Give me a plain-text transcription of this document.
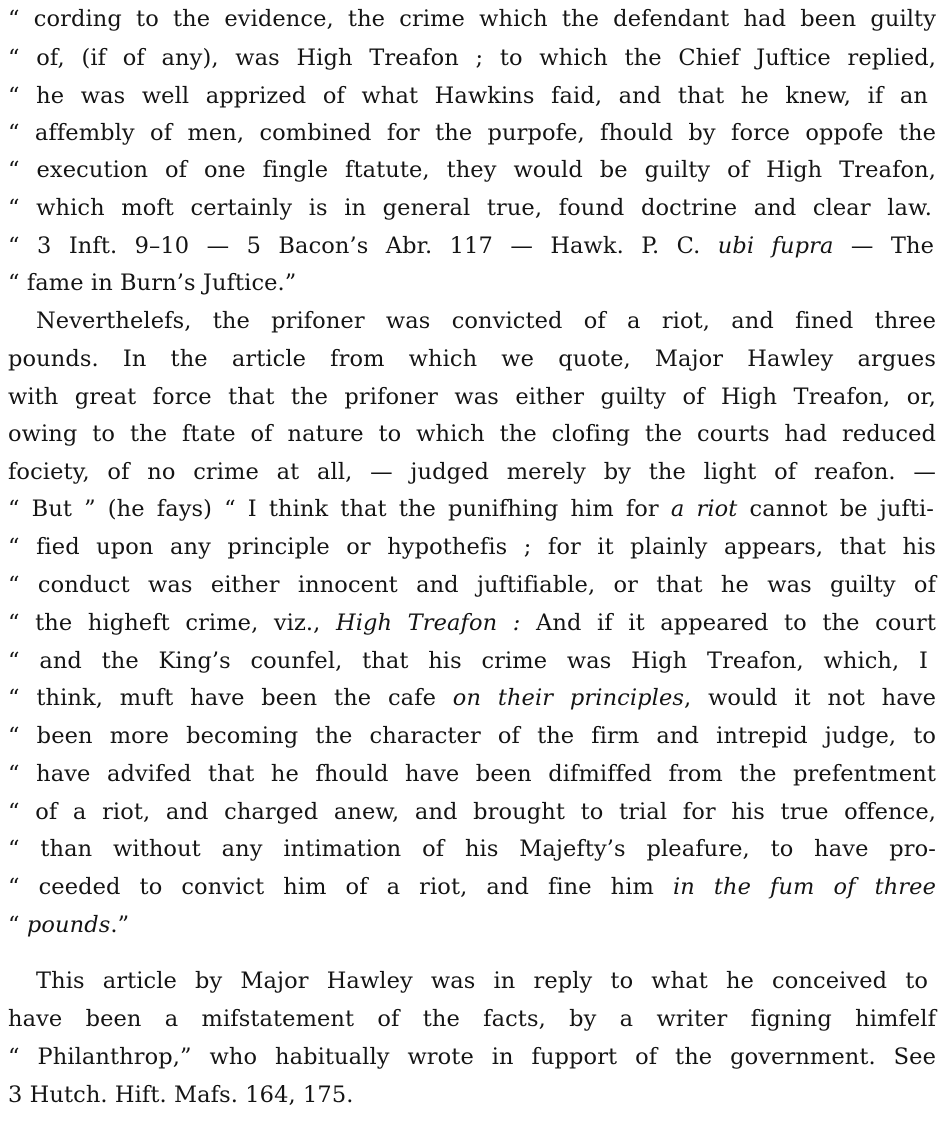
“ cording to the evidence, the crime which the defendant had been guilty
“ of, (if of any), was High Treafon ; to which the Chief Juftice replied,
“ he was well apprized of what Hawkins faid, and that he knew, if an
“ affembly of men, combined for the purpofe, fhould by force oppofe the
“ execution of one fingle ftatute, they would be guilty of High Treafon,
“ which moft certainly is in general true, found doctrine and clear law.
“ 3 Inft. 9–10 — 5 Bacon’s Abr. 117 — Hawk. P. C. ubi fupra — The
“ fame in Burn’s Juftice.”
Neverthelefs, the prifoner was convicted of a riot, and fined three
pounds. In the article from which we quote, Major Hawley argues
with great force that the prifoner was either guilty of High Treafon, or,
owing to the ftate of nature to which the clofing the courts had reduced
fociety, of no crime at all, — judged merely by the light of reafon. —
“ But ” (he fays) “ I think that the punifhing him for a riot cannot be jufti-
“ fied upon any principle or hypothefis ; for it plainly appears, that his
“ conduct was either innocent and juftifiable, or that he was guilty of
“ the higheft crime, viz., High Treafon : And if it appeared to the court
“ and the King’s counfel, that his crime was High Treafon, which, I
“ think, muft have been the cafe on their principles, would it not have
“ been more becoming the character of the firm and intrepid judge, to
“ have advifed that he fhould have been difmiffed from the prefentment
“ of a riot, and charged anew, and brought to trial for his true offence,
“ than without any intimation of his Majefty’s pleafure, to have pro-
“ ceeded to convict him of a riot, and fine him in the fum of three
“ pounds.”
This article by Major Hawley was in reply to what he conceived to
have been a mifstatement of the facts, by a writer figning himfelf
“ Philanthrop,” who habitually wrote in fupport of the government. See
3 Hutch. Hift. Mafs. 164, 175.
